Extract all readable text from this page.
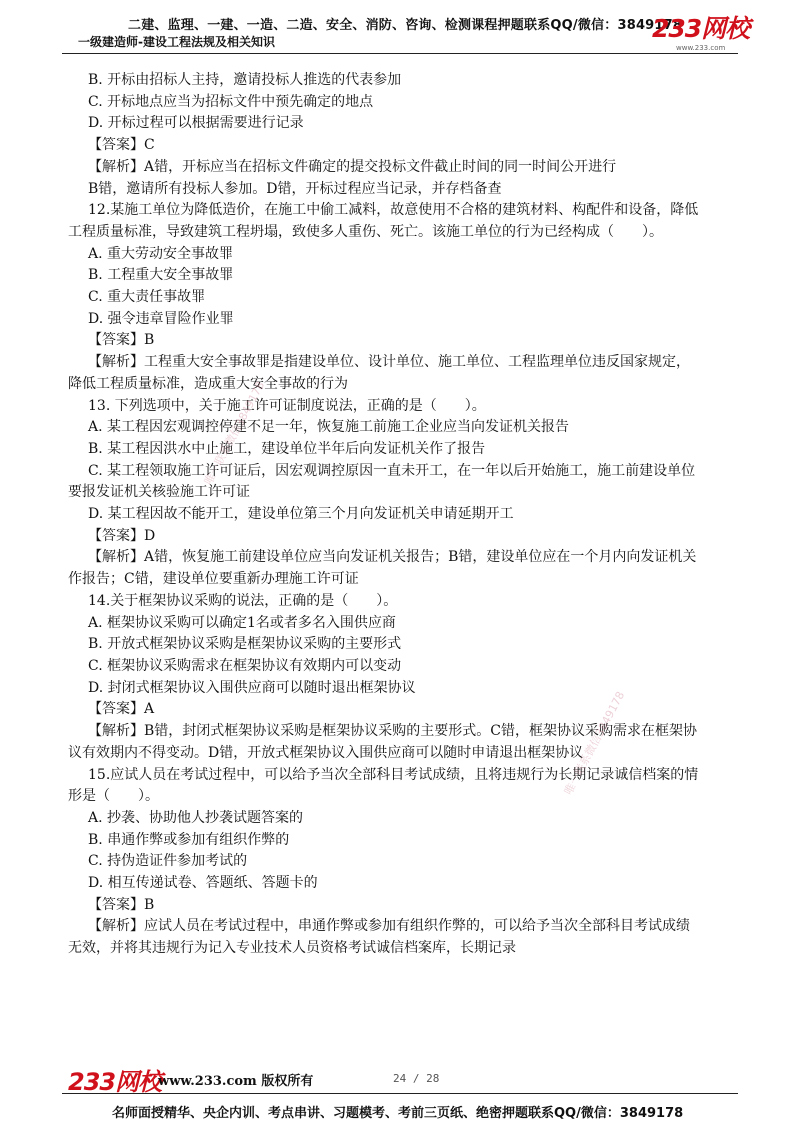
二建、监理、一建、一造、二造、安全、消防、咨询、检测课程押题联系QQ/微信：3849178
一级建造师-建设工程法规及相关知识	233网校
www.233.com
B. 开标由招标人主持，邀请投标人推选的代表参加
C. 开标地点应当为招标文件中预先确定的地点
D. 开标过程可以根据需要进行记录
【答案】C
【解析】A错，开标应当在招标文件确定的提交投标文件截止时间的同一时间公开进行
B错，邀请所有投标人参加。D错，开标过程应当记录，并存档备查
12.某施工单位为降低造价，在施工中偷工减料，故意使用不合格的建筑材料、构配件和设备，降低
工程质量标准，导致建筑工程坍塌，致使多人重伤、死亡。该施工单位的行为已经构成（　　）。
A. 重大劳动安全事故罪
B. 工程重大安全事故罪
C. 重大责任事故罪
D. 强令违章冒险作业罪
【答案】B
【解析】工程重大安全事故罪是指建设单位、设计单位、施工单位、工程监理单位违反国家规定，
降低工程质量标准，造成重大安全事故的行为
13. 下列选项中，关于施工许可证制度说法，正确的是（　　）。
A. 某工程因宏观调控停建不足一年，恢复施工前施工企业应当向发证机关报告
B. 某工程因洪水中止施工，建设单位半年后向发证机关作了报告
C. 某工程领取施工许可证后，因宏观调控原因一直未开工，在一年以后开始施工，施工前建设单位
要报发证机关核验施工许可证
D. 某工程因故不能开工，建设单位第三个月向发证机关申请延期开工
【答案】D
【解析】A错，恢复施工前建设单位应当向发证机关报告；B错，建设单位应在一个月内向发证机关
作报告；C错，建设单位要重新办理施工许可证
14.关于框架协议采购的说法，正确的是（　　）。
A. 框架协议采购可以确定1名或者多名入围供应商
B. 开放式框架协议采购是框架协议采购的主要形式
C. 框架协议采购需求在框架协议有效期内可以变动
D. 封闭式框架协议入围供应商可以随时退出框架协议
【答案】A
【解析】B错，封闭式框架协议采购是框架协议采购的主要形式。C错，框架协议采购需求在框架协
议有效期内不得变动。D错，开放式框架协议入围供应商可以随时申请退出框架协议
15.应试人员在考试过程中，可以给予当次全部科目考试成绩，且将违规行为长期记录诚信档案的情
形是（　　）。
A. 抄袭、协助他人抄袭试题答案的
B. 串通作弊或参加有组织作弊的
C. 持伪造证件参加考试的
D. 相互传递试卷、答题纸、答题卡的
【答案】B
【解析】应试人员在考试过程中，串通作弊或参加有组织作弊的，可以给予当次全部科目考试成绩
无效，并将其违规行为记入专业技术人员资格考试诚信档案库，长期记录
唯一联系微信3849178
唯一联系微信3849178
233网校
www.233.com 版权所有	24 / 28
名师面授精华、央企内训、考点串讲、习题模考、考前三页纸、绝密押题联系QQ/微信：3849178
